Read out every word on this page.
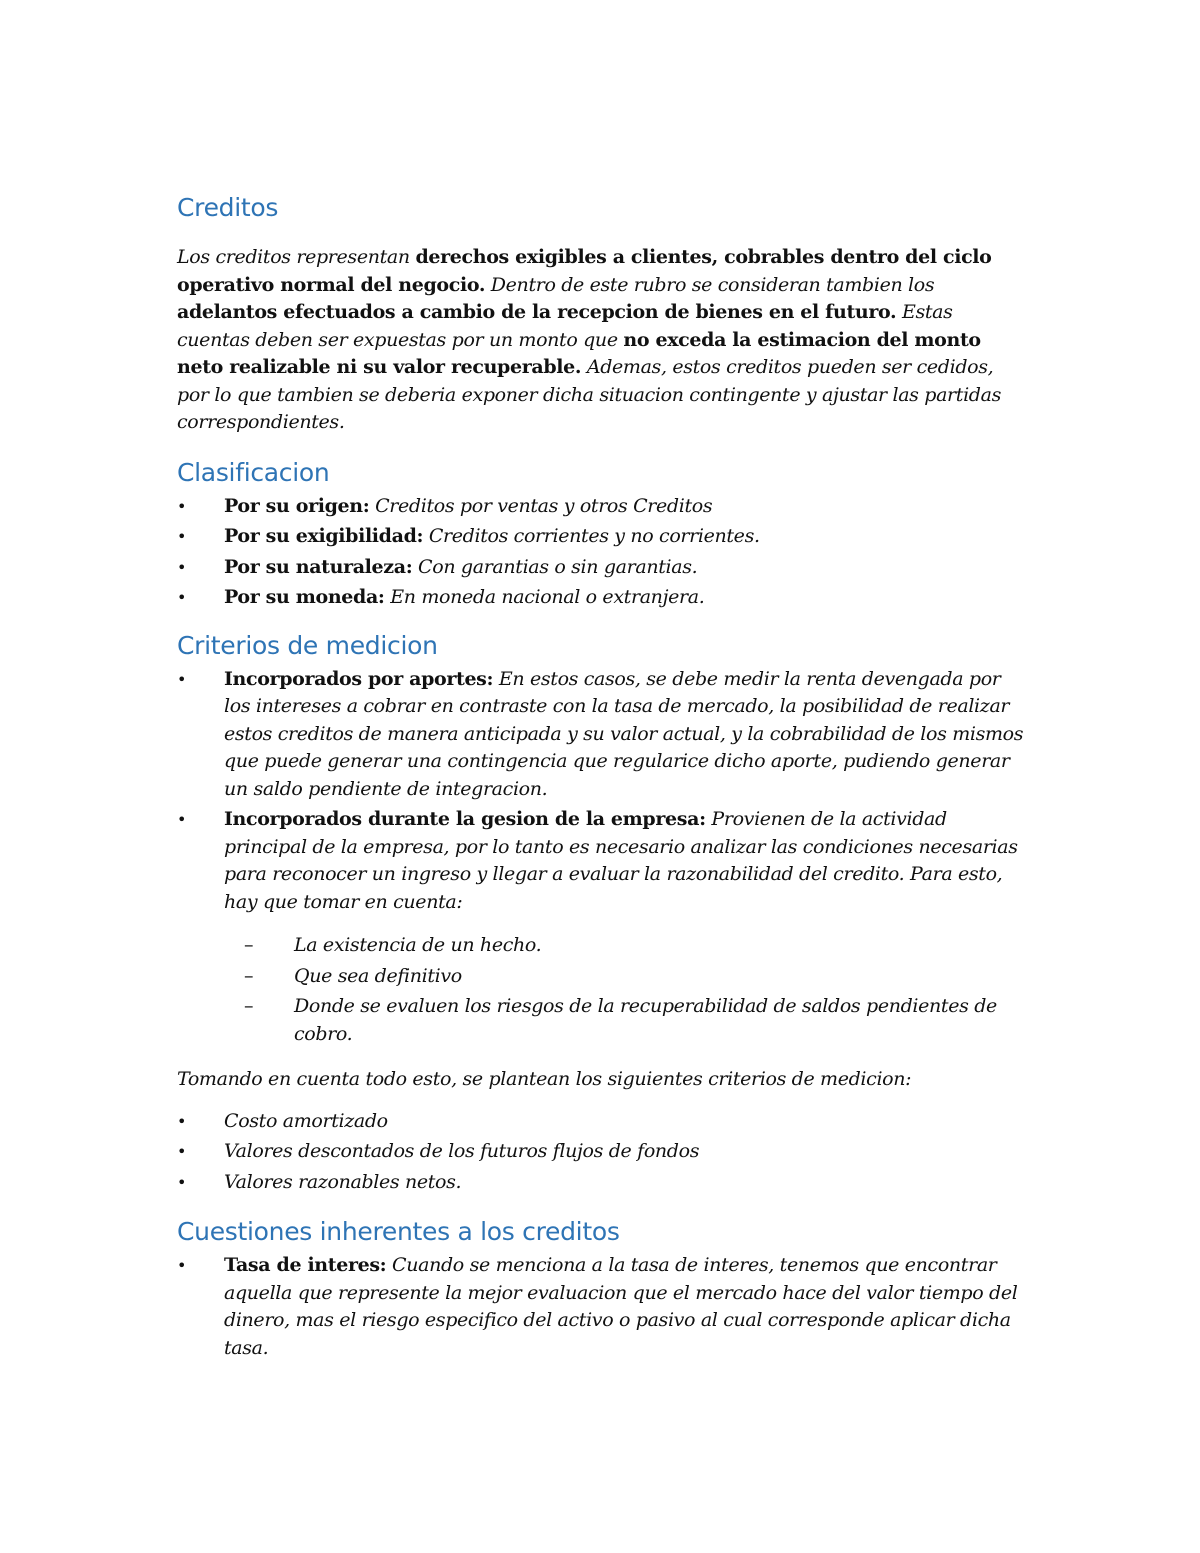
Creditos

Los creditos representan derechos exigibles a clientes, cobrables dentro del ciclo operativo normal del negocio. Dentro de este rubro se consideran tambien los adelantos efectuados a cambio de la recepcion de bienes en el futuro. Estas cuentas deben ser expuestas por un monto que no exceda la estimacion del monto neto realizable ni su valor recuperable. Ademas, estos creditos pueden ser cedidos, por lo que tambien se deberia exponer dicha situacion contingente y ajustar las partidas correspondientes.

Clasificacion
• Por su origen: Creditos por ventas y otros Creditos
• Por su exigibilidad: Creditos corrientes y no corrientes.
• Por su naturaleza: Con garantias o sin garantias.
• Por su moneda: En moneda nacional o extranjera.
Criterios de medicion
• Incorporados por aportes: En estos casos, se debe medir la renta devengada por los intereses a cobrar en contraste con la tasa de mercado, la posibilidad de realizar estos creditos de manera anticipada y su valor actual, y la cobrabilidad de los mismos que puede generar una contingencia que regularice dicho aporte, pudiendo generar un saldo pendiente de integracion.
• Incorporados durante la gesion de la empresa: Provienen de la actividad principal de la empresa, por lo tanto es necesario analizar las condiciones necesarias para reconocer un ingreso y llegar a evaluar la razonabilidad del credito. Para esto, hay que tomar en cuenta:
– La existencia de un hecho.
– Que sea definitivo
– Donde se evaluen los riesgos de la recuperabilidad de saldos pendientes de cobro.

Tomando en cuenta todo esto, se plantean los siguientes criterios de medicion:

• Costo amortizado
• Valores descontados de los futuros flujos de fondos
• Valores razonables netos.
Cuestiones inherentes a los creditos
• Tasa de interes: Cuando se menciona a la tasa de interes, tenemos que encontrar aquella que represente la mejor evaluacion que el mercado hace del valor tiempo del dinero, mas el riesgo especifico del activo o pasivo al cual corresponde aplicar dicha tasa.
